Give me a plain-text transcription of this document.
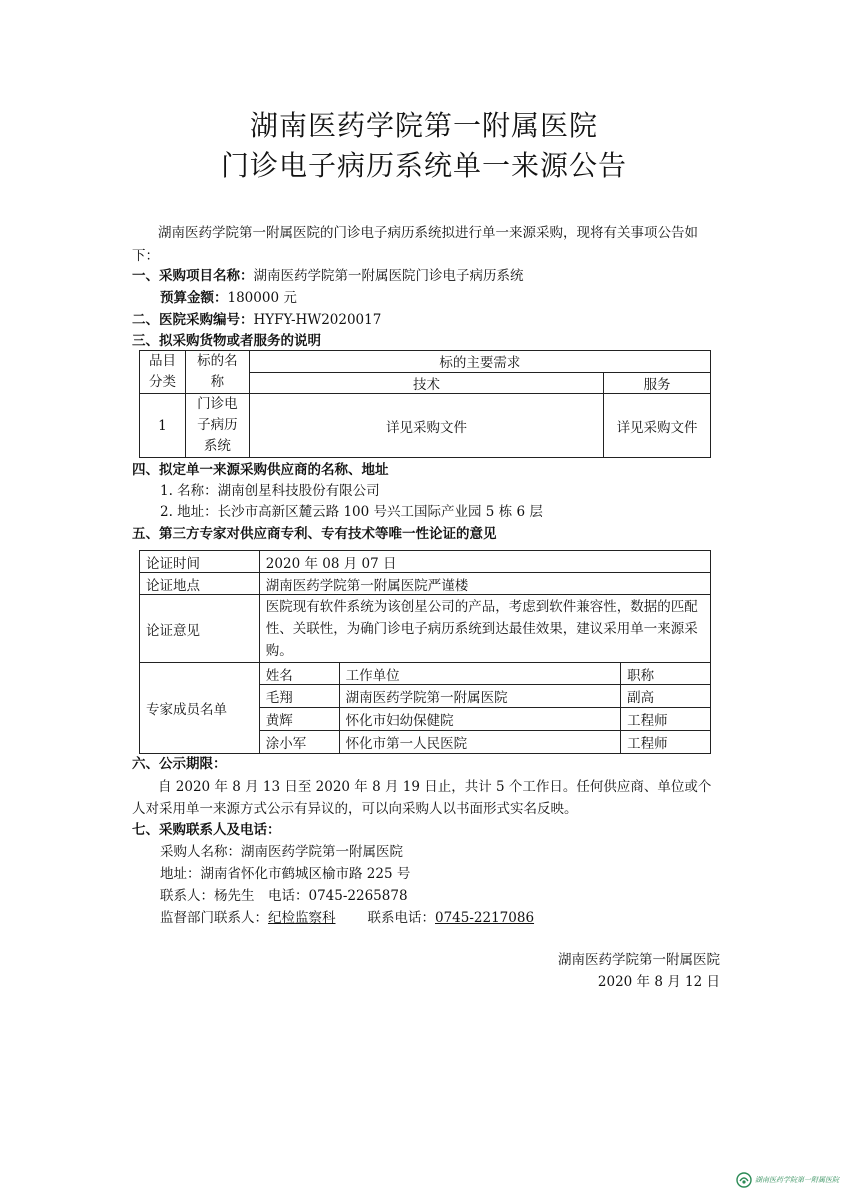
湖南医药学院第一附属医院
门诊电子病历系统单一来源公告
湖南医药学院第一附属医院的门诊电子病历系统拟进行单一来源采购，现将有关事项公告如下：
一、采购项目名称：湖南医药学院第一附属医院门诊电子病历系统
预算金额：180000 元
二、医院采购编号：HYFY-HW2020017
三、拟采购货物或者服务的说明
品目分类	标的名称	标的主要需求	
		技术	服务
1	门诊电子病历系统	详见采购文件	详见采购文件
四、拟定单一来源采购供应商的名称、地址
1. 名称：湖南创星科技股份有限公司
2. 地址：长沙市高新区麓云路 100 号兴工国际产业园 5 栋 6 层
五、第三方专家对供应商专利、专有技术等唯一性论证的意见
论证时间	2020 年 08 月 07 日		
论证地点	湖南医药学院第一附属医院严谨楼		
论证意见	医院现有软件系统为该创星公司的产品，考虑到软件兼容性，数据的匹配性、关联性，为确门诊电子病历系统到达最佳效果，建议采用单一来源采购。		
专家成员名单	姓名	工作单位	职称
	毛翔	湖南医药学院第一附属医院	副高
	黄辉	怀化市妇幼保健院	工程师
	涂小军	怀化市第一人民医院	工程师
六、公示期限：
自 2020 年 8 月 13 日至 2020 年 8 月 19 日止，共计 5 个工作日。任何供应商、单位或个人对采用单一来源方式公示有异议的，可以向采购人以书面形式实名反映。
七、采购联系人及电话：
采购人名称：湖南医药学院第一附属医院
地址：湖南省怀化市鹤城区榆市路 225 号
联系人：杨先生　电话：0745-2265878
监督部门联系人：纪检监察科 联系电话：0745-2217086
湖南医药学院第一附属医院
2020 年 8 月 12 日
湖南医药学院第一附属医院
